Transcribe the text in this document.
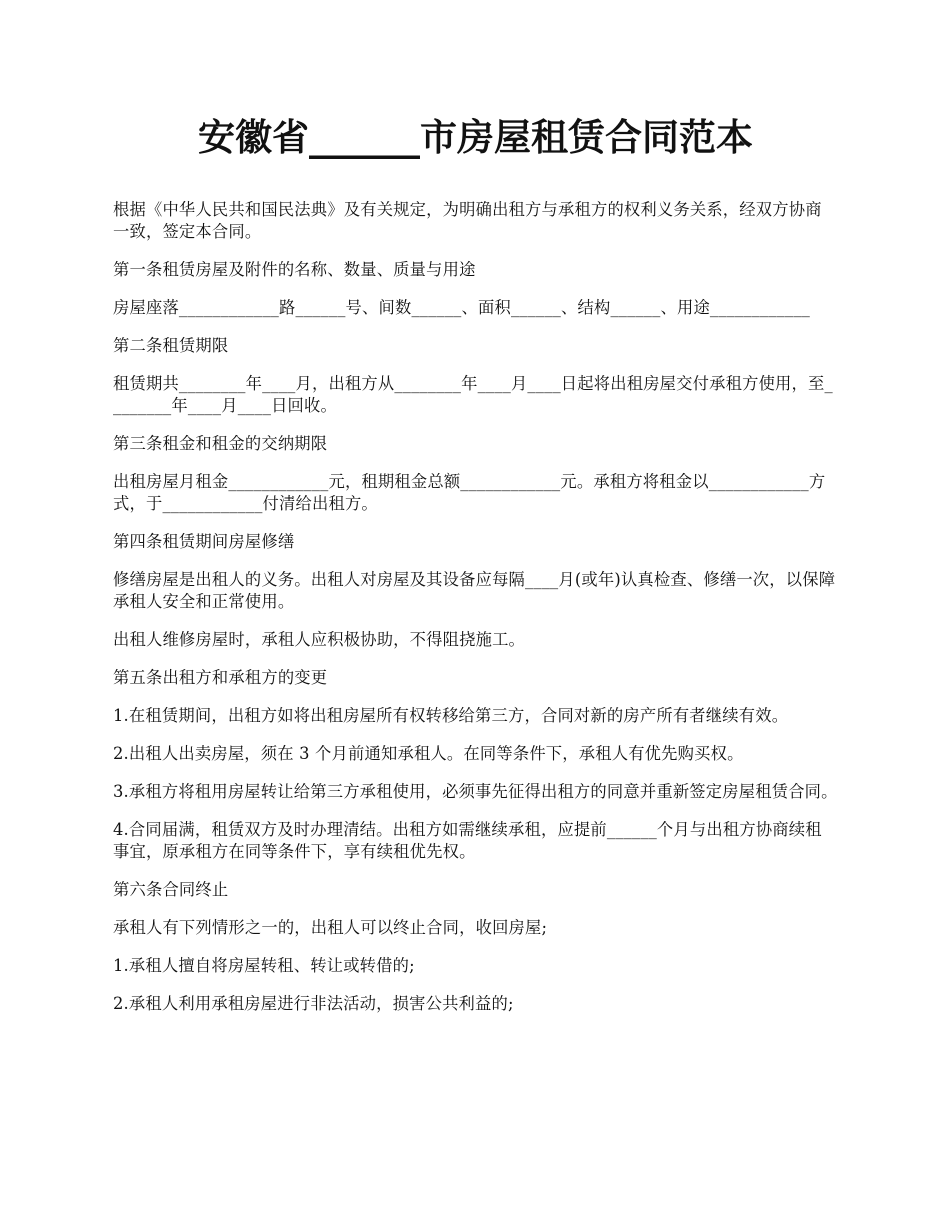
安徽省______市房屋租赁合同范本

根据《中华人民共和国民法典》及有关规定，为明确出租方与承租方的权利义务关系，经双方协商一致，签定本合同。

第一条租赁房屋及附件的名称、数量、质量与用途

房屋座落____________路______号、间数______、面积______、结构______、用途____________

第二条租赁期限

租赁期共________年____月，出租方从________年____月____日起将出租房屋交付承租方使用，至________年____月____日回收。

第三条租金和租金的交纳期限

出租房屋月租金____________元，租期租金总额____________元。承租方将租金以____________方式，于____________付清给出租方。

第四条租赁期间房屋修缮

修缮房屋是出租人的义务。出租人对房屋及其设备应每隔____月(或年)认真检查、修缮一次，以保障承租人安全和正常使用。

出租人维修房屋时，承租人应积极协助，不得阻挠施工。

第五条出租方和承租方的变更

1.在租赁期间，出租方如将出租房屋所有权转移给第三方，合同对新的房产所有者继续有效。

2.出租人出卖房屋，须在 3 个月前通知承租人。在同等条件下，承租人有优先购买权。

3.承租方将租用房屋转让给第三方承租使用，必须事先征得出租方的同意并重新签定房屋租赁合同。

4.合同届满，租赁双方及时办理清结。出租方如需继续承租，应提前______个月与出租方协商续租事宜，原承租方在同等条件下，享有续租优先权。

第六条合同终止

承租人有下列情形之一的，出租人可以终止合同，收回房屋;

1.承租人擅自将房屋转租、转让或转借的;

2.承租人利用承租房屋进行非法活动，损害公共利益的;
